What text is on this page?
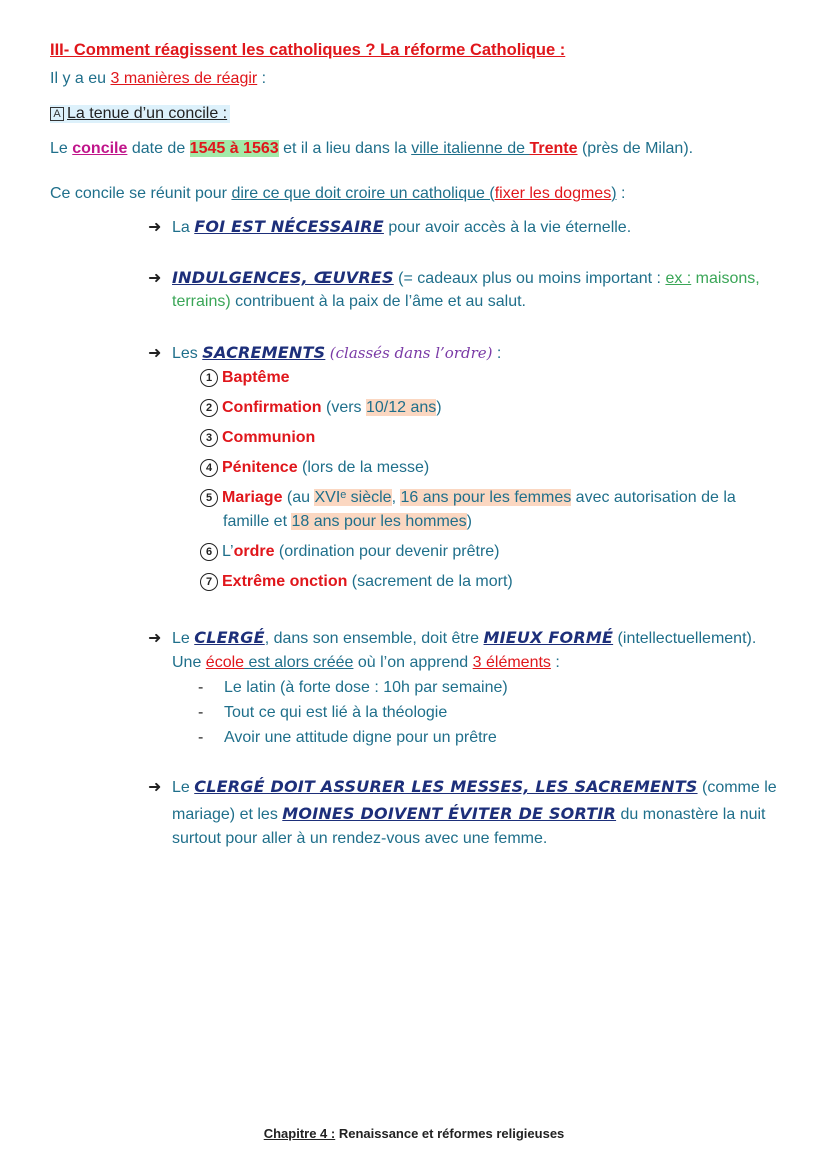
III- Comment réagissent les catholiques ? La réforme Catholique :
Il y a eu 3 manières de réagir :
A La tenue d’un concile :
Le concile date de 1545 à 1563 et il a lieu dans la ville italienne de Trente (près de Milan).
Ce concile se réunit pour dire ce que doit croire un catholique (fixer les dogmes) :
➜ La FOI EST NÉCESSAIRE pour avoir accès à la vie éternelle.
➜ INDULGENCES, ŒUVRES (= cadeaux plus ou moins important : ex : maisons,
terrains) contribuent à la paix de l’âme et au salut.
➜ Les SACREMENTS (classés dans l’ordre) :
1 Baptême
2 Confirmation (vers 10/12 ans)
3 Communion
4 Pénitence (lors de la messe)
5 Mariage (au XVIᵉ siècle, 16 ans pour les femmes avec autorisation de la
famille et 18 ans pour les hommes)
6 L’ordre (ordination pour devenir prêtre)
7 Extrême onction (sacrement de la mort)
➜ Le CLERGÉ, dans son ensemble, doit être MIEUX FORMÉ (intellectuellement).
Une école est alors créée où l’on apprend 3 éléments :
- Le latin (à forte dose : 10h par semaine)
- Tout ce qui est lié à la théologie
- Avoir une attitude digne pour un prêtre
➜ Le CLERGÉ DOIT ASSURER LES MESSES, LES SACREMENTS (comme le
mariage) et les MOINES DOIVENT ÉVITER DE SORTIR du monastère la nuit
surtout pour aller à un rendez-vous avec une femme.
Chapitre 4 : Renaissance et réformes religieuses
